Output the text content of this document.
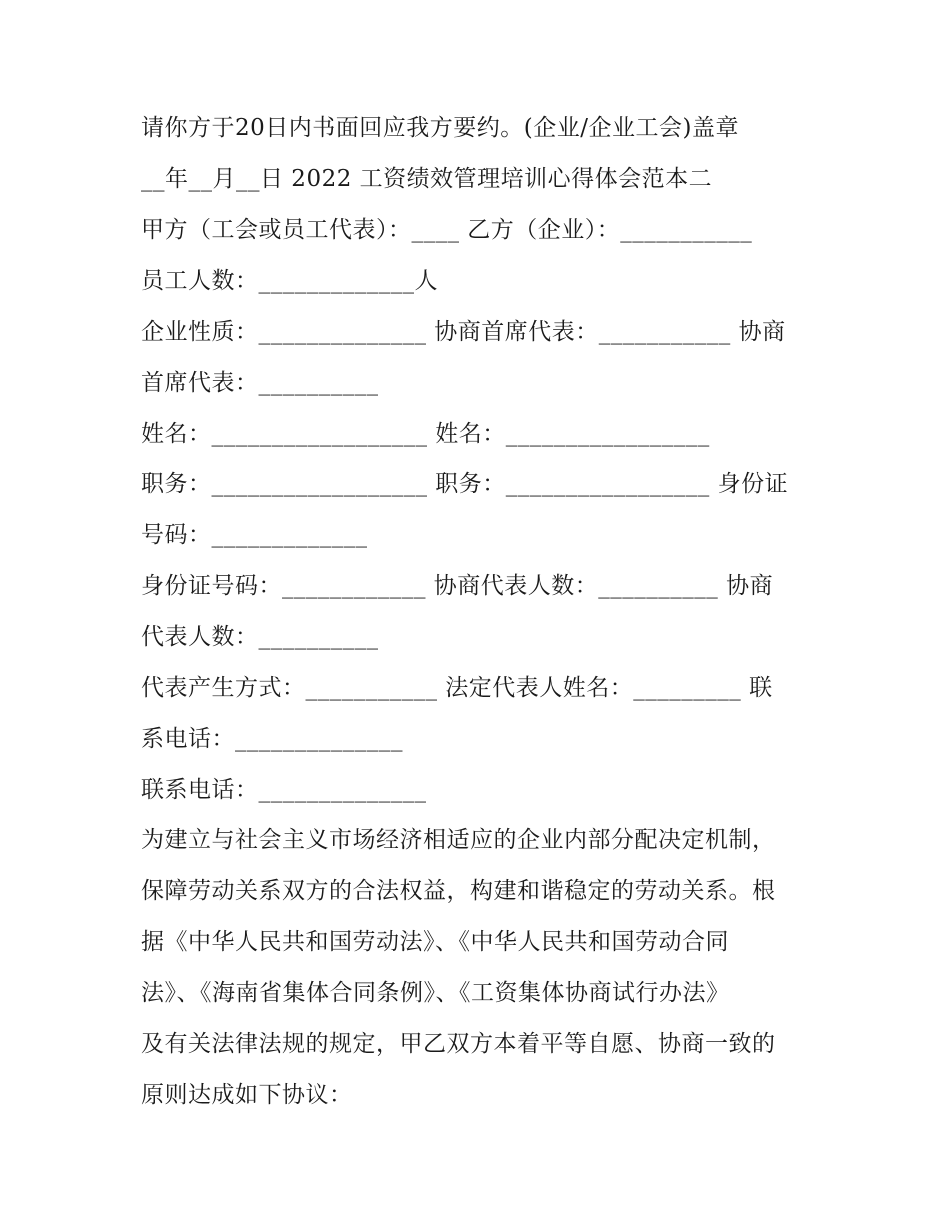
请你方于20日内书面回应我方要约。(企业/企业工会)盖章
__年__月__日 2022 工资绩效管理培训心得体会范本二
甲方（工会或员工代表）：____ 乙方（企业）：___________
员工人数：_____________人
企业性质：______________ 协商首席代表：___________ 协商
首席代表：__________
姓名：__________________ 姓名：_________________
职务：__________________ 职务：_________________ 身份证
号码：_____________
身份证号码：____________ 协商代表人数：__________ 协商
代表人数：__________
代表产生方式：___________ 法定代表人姓名：_________ 联
系电话：______________
联系电话：______________
为建立与社会主义市场经济相适应的企业内部分配决定机制，
保障劳动关系双方的合法权益，构建和谐稳定的劳动关系。根
据《中华人民共和国劳动法》、《中华人民共和国劳动合同
法》、《海南省集体合同条例》、《工资集体协商试行办法》
及有关法律法规的规定，甲乙双方本着平等自愿、协商一致的
原则达成如下协议：
